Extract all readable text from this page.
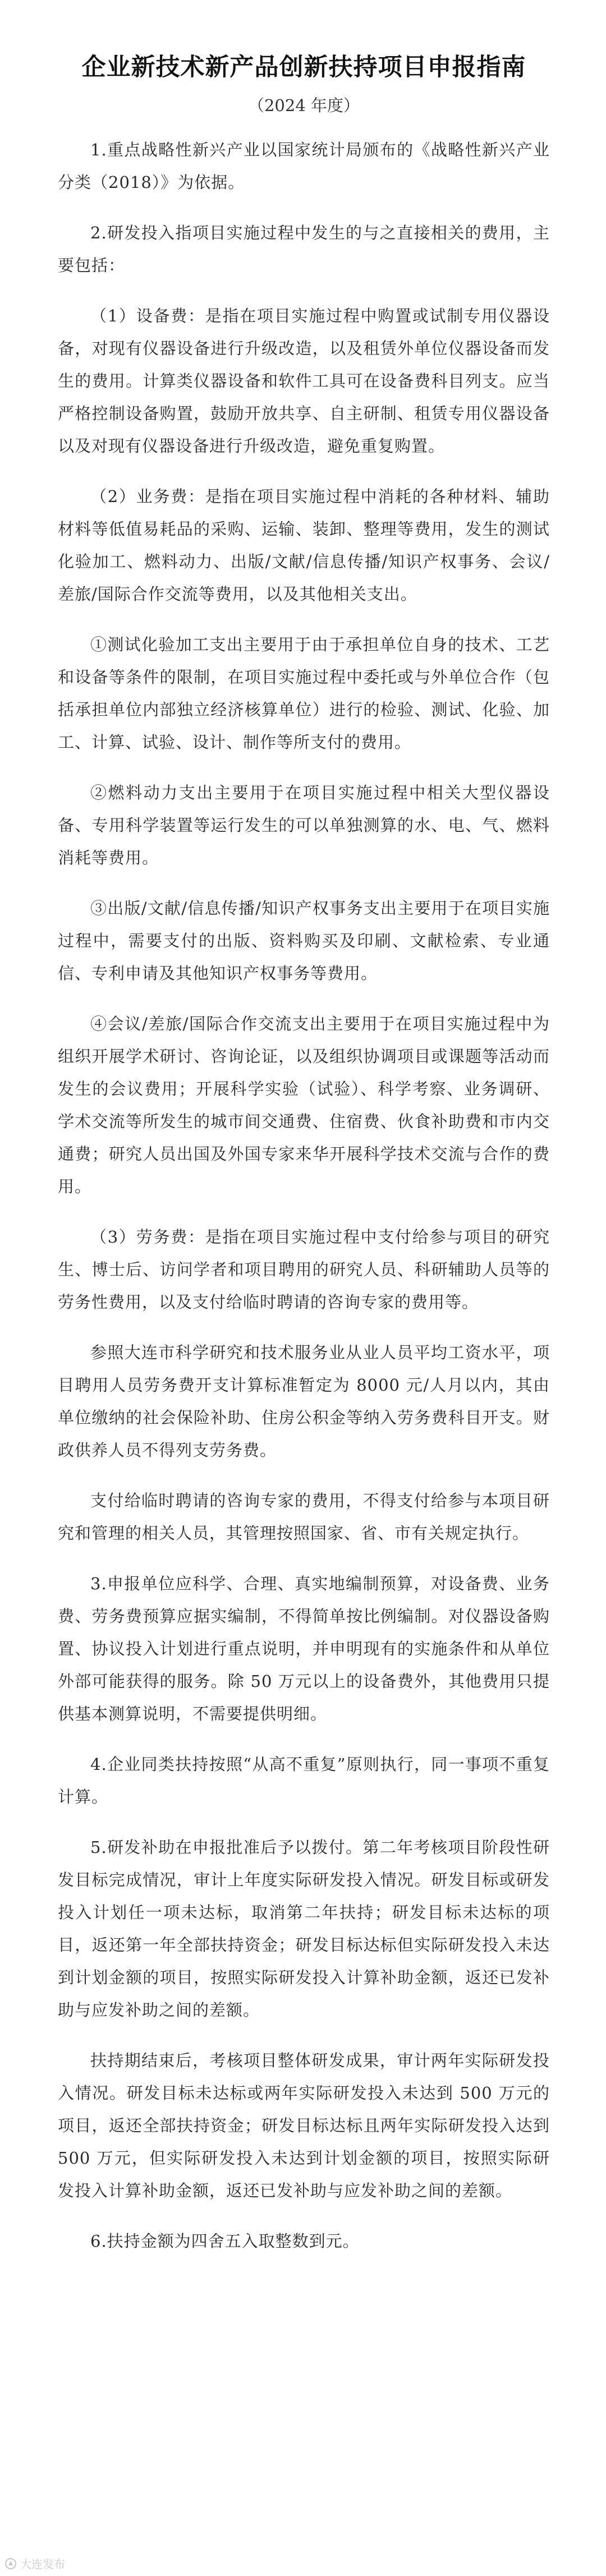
企业新技术新产品创新扶持项目申报指南
（2024 年度）

1.重点战略性新兴产业以国家统计局颁布的《战略性新兴产业分类（2018）》为依据。

2.研发投入指项目实施过程中发生的与之直接相关的费用，主要包括：

（1）设备费：是指在项目实施过程中购置或试制专用仪器设备，对现有仪器设备进行升级改造，以及租赁外单位仪器设备而发生的费用。计算类仪器设备和软件工具可在设备费科目列支。应当严格控制设备购置，鼓励开放共享、自主研制、租赁专用仪器设备以及对现有仪器设备进行升级改造，避免重复购置。

（2）业务费：是指在项目实施过程中消耗的各种材料、辅助材料等低值易耗品的采购、运输、装卸、整理等费用，发生的测试化验加工、燃料动力、出版/文献/信息传播/知识产权事务、会议/差旅/国际合作交流等费用，以及其他相关支出。

①测试化验加工支出主要用于由于承担单位自身的技术、工艺和设备等条件的限制，在项目实施过程中委托或与外单位合作（包括承担单位内部独立经济核算单位）进行的检验、测试、化验、加工、计算、试验、设计、制作等所支付的费用。

②燃料动力支出主要用于在项目实施过程中相关大型仪器设备、专用科学装置等运行发生的可以单独测算的水、电、气、燃料消耗等费用。

③出版/文献/信息传播/知识产权事务支出主要用于在项目实施过程中，需要支付的出版、资料购买及印刷、文献检索、专业通信、专利申请及其他知识产权事务等费用。

④会议/差旅/国际合作交流支出主要用于在项目实施过程中为组织开展学术研讨、咨询论证，以及组织协调项目或课题等活动而发生的会议费用；开展科学实验（试验）、科学考察、业务调研、学术交流等所发生的城市间交通费、住宿费、伙食补助费和市内交通费；研究人员出国及外国专家来华开展科学技术交流与合作的费用。

（3）劳务费：是指在项目实施过程中支付给参与项目的研究生、博士后、访问学者和项目聘用的研究人员、科研辅助人员等的劳务性费用，以及支付给临时聘请的咨询专家的费用等。

参照大连市科学研究和技术服务业从业人员平均工资水平，项目聘用人员劳务费开支计算标准暂定为 8000 元/人月以内，其由单位缴纳的社会保险补助、住房公积金等纳入劳务费科目开支。财政供养人员不得列支劳务费。

支付给临时聘请的咨询专家的费用，不得支付给参与本项目研究和管理的相关人员，其管理按照国家、省、市有关规定执行。

3.申报单位应科学、合理、真实地编制预算，对设备费、业务费、劳务费预算应据实编制，不得简单按比例编制。对仪器设备购置、协议投入计划进行重点说明，并申明现有的实施条件和从单位外部可能获得的服务。除 50 万元以上的设备费外，其他费用只提供基本测算说明，不需要提供明细。

4.企业同类扶持按照“从高不重复”原则执行，同一事项不重复计算。

5.研发补助在申报批准后予以拨付。第二年考核项目阶段性研发目标完成情况，审计上年度实际研发投入情况。研发目标或研发投入计划任一项未达标，取消第二年扶持；研发目标未达标的项目，返还第一年全部扶持资金；研发目标达标但实际研发投入未达到计划金额的项目，按照实际研发投入计算补助金额，返还已发补助与应发补助之间的差额。

扶持期结束后，考核项目整体研发成果，审计两年实际研发投入情况。研发目标未达标或两年实际研发投入未达到 500 万元的项目，返还全部扶持资金；研发目标达标且两年实际研发投入达到 500 万元，但实际研发投入未达到计划金额的项目，按照实际研发投入计算补助金额，返还已发补助与应发补助之间的差额。

6.扶持金额为四舍五入取整数到元。

大连发布
